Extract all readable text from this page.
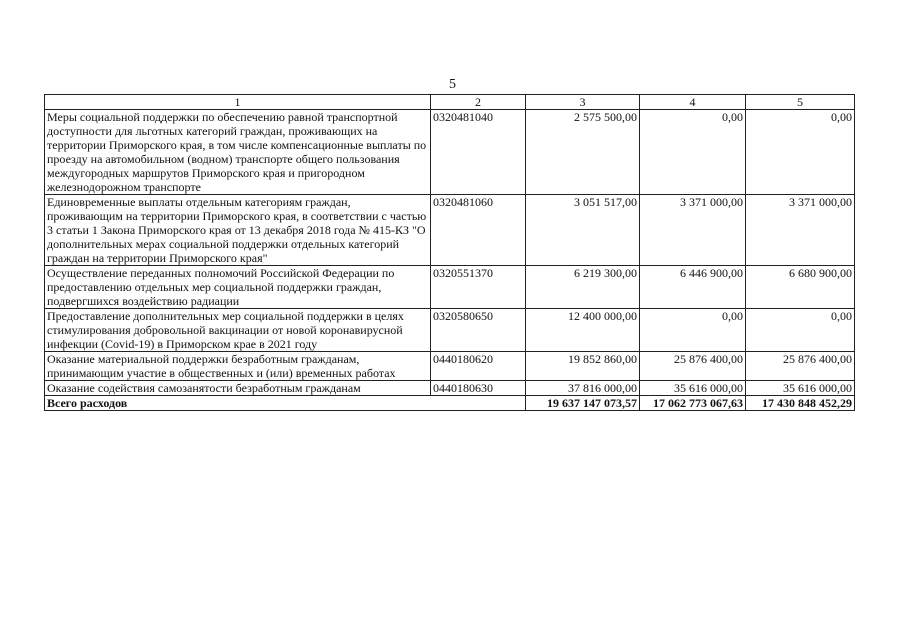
5
1	2	3	4	5
Меры социальной поддержки по обеспечению равной транспортной доступности для льготных категорий граждан, проживающих на территории Приморского края, в том числе компенсационные выплаты по проезду на автомобильном (водном) транспорте общего пользования междугородных маршрутов Приморского края и пригородном железнодорожном транспорте	0320481040	2 575 500,00	0,00	0,00
Единовременные выплаты отдельным категориям граждан, проживающим на территории Приморского края, в соответствии с частью 3 статьи 1 Закона Приморского края от 13 декабря 2018 года № 415-КЗ "О дополнительных мерах социальной поддержки отдельных категорий граждан на территории Приморского края"	0320481060	3 051 517,00	3 371 000,00	3 371 000,00
Осуществление переданных полномочий Российской Федерации по предоставлению отдельных мер социальной поддержки граждан, подвергшихся воздействию радиации	0320551370	6 219 300,00	6 446 900,00	6 680 900,00
Предоставление дополнительных мер социальной поддержки в целях стимулирования добровольной вакцинации от новой коронавирусной инфекции (Covid-19) в Приморском крае в 2021 году	0320580650	12 400 000,00	0,00	0,00
Оказание материальной поддержки безработным гражданам, принимающим участие в общественных и (или) временных работах	0440180620	19 852 860,00	25 876 400,00	25 876 400,00
Оказание содействия самозанятости безработным гражданам	0440180630	37 816 000,00	35 616 000,00	35 616 000,00
Всего расходов		19 637 147 073,57	17 062 773 067,63	17 430 848 452,29
